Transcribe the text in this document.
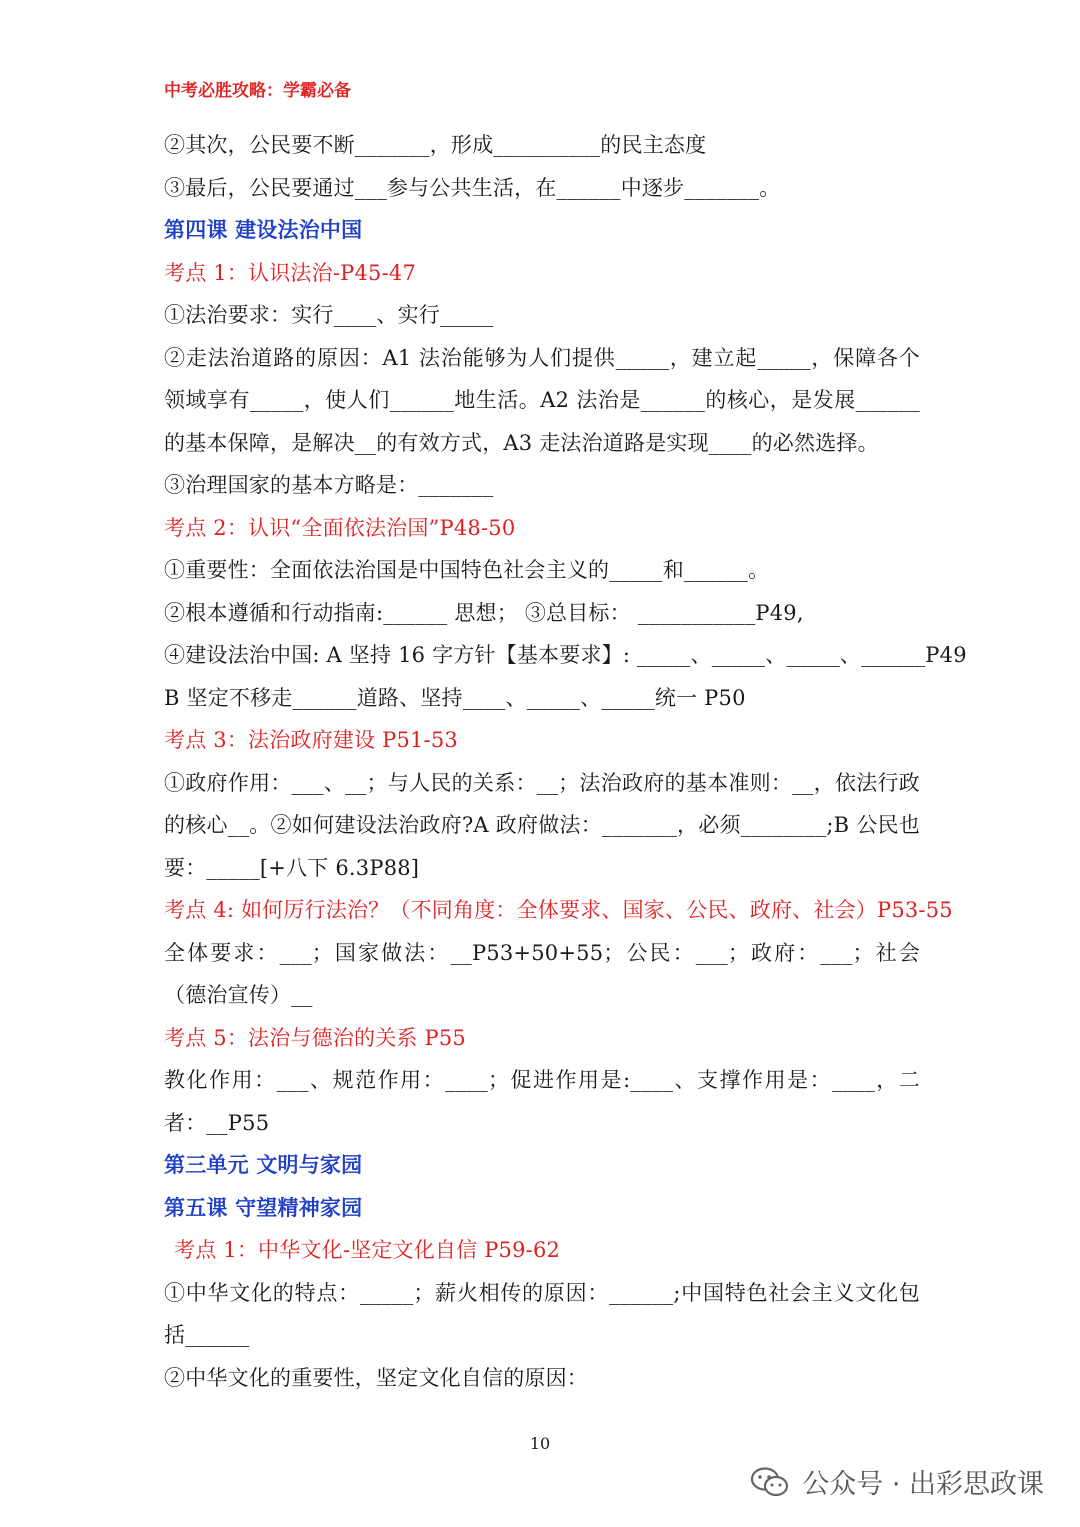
中考必胜攻略：学霸必备
②其次，公民要不断_______，形成__________的民主态度
③最后，公民要通过___参与公共生活，在______中逐步_______。
第四课 建设法治中国
考点 1：认识法治-P45-47
①法治要求：实行____、实行_____
②走法治道路的原因：A1 法治能够为人们提供_____，建立起_____，保障各个领域享有_____，使人们______地生活。A2 法治是______的核心，是发展______的基本保障，是解决__的有效方式，A3 走法治道路是实现____的必然选择。
③治理国家的基本方略是：_______
考点 2：认识“全面依法治国”P48-50
①重要性：全面依法治国是中国特色社会主义的_____和______。
②根本遵循和行动指南:______ 思想； ③总目标： ___________P49,
④建设法治中国: A 坚持 16 字方针【基本要求】: _____、_____、_____、______P49
B 坚定不移走______道路、坚持____、_____、_____统一 P50
考点 3：法治政府建设 P51-53
①政府作用：___、__；与人民的关系：__；法治政府的基本准则：__，依法行政的核心__。②如何建设法治政府?A 政府做法：_______，必须________;B 公民也要：_____[+八下 6.3P88]
考点 4: 如何厉行法治？（不同角度：全体要求、国家、公民、政府、社会）P53-55
全体要求：___；国家做法：__P53+50+55；公民：___；政府：___；社会（德治宣传）__
考点 5：法治与德治的关系 P55
教化作用：___、规范作用：____；促进作用是:____、支撑作用是：____，二者：__P55
第三单元 文明与家园
第五课 守望精神家园
考点 1：中华文化-坚定文化自信 P59-62
①中华文化的特点：_____；薪火相传的原因：______;中国特色社会主义文化包括______
②中华文化的重要性，坚定文化自信的原因：
10
公众号 · 出彩思政课
